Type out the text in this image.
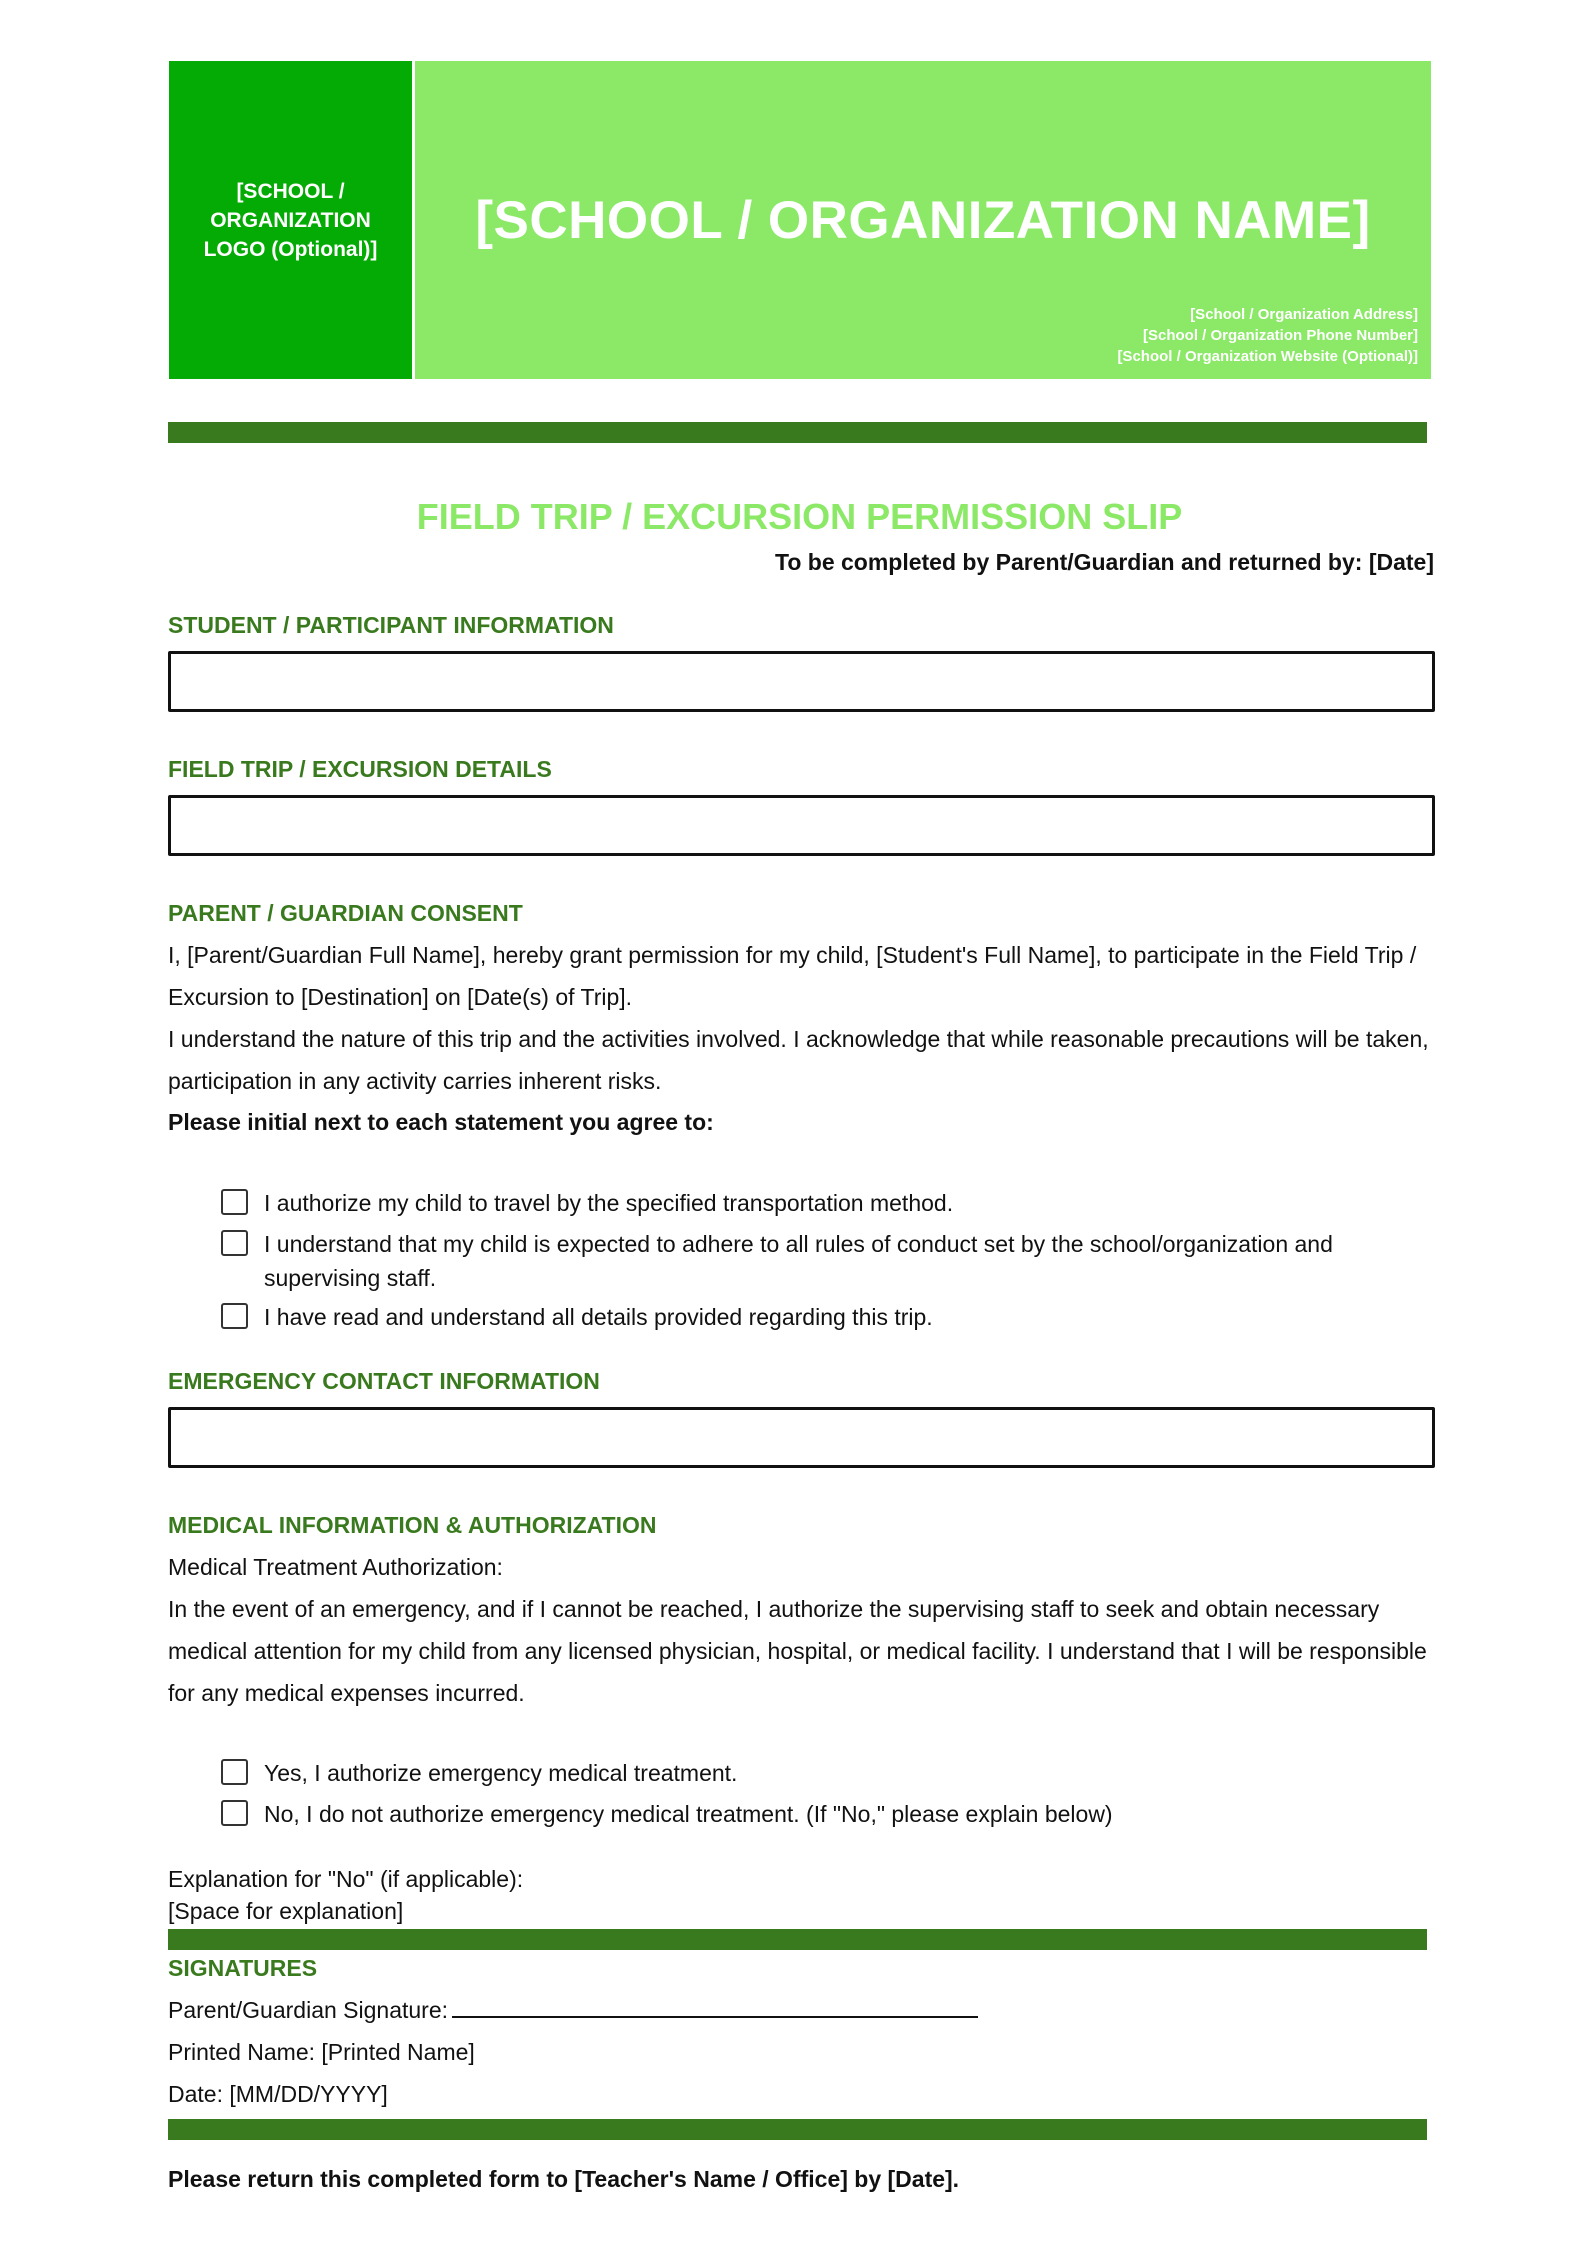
[SCHOOL / ORGANIZATION LOGO (Optional)]	[SCHOOL / ORGANIZATION NAME]
[School / Organization Address]
[School / Organization Phone Number]
[School / Organization Website (Optional)]
FIELD TRIP / EXCURSION PERMISSION SLIP
To be completed by Parent/Guardian and returned by: [Date]
STUDENT / PARTICIPANT INFORMATION
FIELD TRIP / EXCURSION DETAILS
PARENT / GUARDIAN CONSENT

I, [Parent/Guardian Full Name], hereby grant permission for my child, [Student's Full Name], to participate in the Field Trip / Excursion to [Destination] on [Date(s) of Trip].

I understand the nature of this trip and the activities involved. I acknowledge that while reasonable precautions will be taken, participation in any activity carries inherent risks.

Please initial next to each statement you agree to:
I authorize my child to travel by the specified transportation method.
I understand that my child is expected to adhere to all rules of conduct set by the school/organization and supervising staff.
I have read and understand all details provided regarding this trip.
EMERGENCY CONTACT INFORMATION
MEDICAL INFORMATION & AUTHORIZATION

Medical Treatment Authorization:

In the event of an emergency, and if I cannot be reached, I authorize the supervising staff to seek and obtain necessary medical attention for my child from any licensed physician, hospital, or medical facility. I understand that I will be responsible for any medical expenses incurred.

Yes, I authorize emergency medical treatment.
No, I do not authorize emergency medical treatment. (If "No," please explain below)
Explanation for "No" (if applicable):
[Space for explanation]
SIGNATURES
Parent/Guardian Signature:
Printed Name: [Printed Name]
Date: [MM/DD/YYYY]
Please return this completed form to [Teacher's Name / Office] by [Date].
